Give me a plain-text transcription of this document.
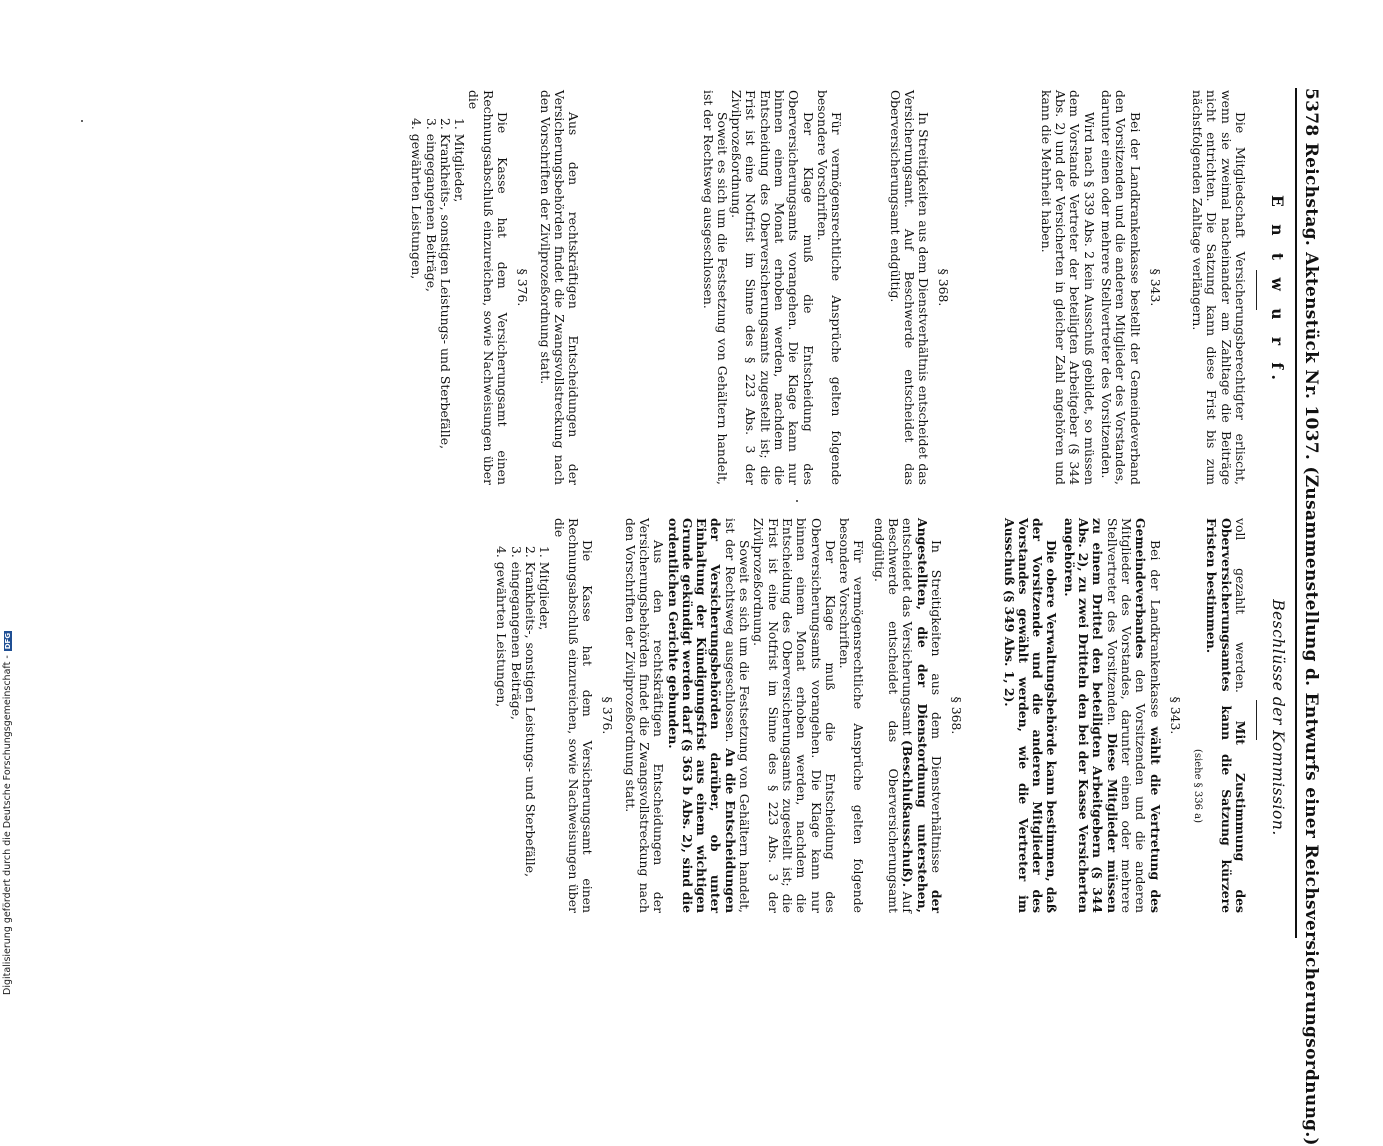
5378 Reichstag. Aktenstück Nr. 1037. (Zusammenstellung d. Entwurfs einer Reichsversicherungsordnung.)
E n t w u r f.
Beschlüsse der Kommission.

Die Mitgliedschaft Versicherungsberechtigter erlischt, wenn sie zweimal nacheinander am Zahltage die Beiträge nicht entrichten. Die Satzung kann diese Frist bis zum nächstfolgenden Zahltage verlängern.

§ 343.

Bei der Landkrankenkasse bestellt der Gemeindeverband den Vorsitzenden und die anderen Mitglieder des Vorstandes, darunter einen oder mehrere Stellvertreter des Vorsitzenden.

Wird nach § 339 Abs. 2 kein Ausschuß gebildet, so müssen dem Vorstande Vertreter der beteiligten Arbeitgeber (§ 344 Abs. 2) und der Versicherten in gleicher Zahl angehören und kann die Mehrheit haben.

§ 368.

In Streitigkeiten aus dem Dienstverhältnis entscheidet das Versicherungsamt. Auf Beschwerde entscheidet das Oberversicherungsamt endgültig.

Für vermögensrechtliche Ansprüche gelten folgende besondere Vorschriften.

Der Klage muß die Entscheidung des Oberversicherungsamts vorangehen. Die Klage kann nur binnen einem Monat erhoben werden, nachdem die Entscheidung des Oberversicherungsamts zugestellt ist; die Frist ist eine Notfrist im Sinne des § 223 Abs. 3 der Zivilprozeßordnung.

Soweit es sich um die Festsetzung von Gehältern handelt, ist der Rechtsweg ausgeschlossen.

Aus den rechtskräftigen Entscheidungen der Versicherungsbehörden findet die Zwangsvollstreckung nach den Vorschriften der Zivilprozeßordnung statt.

§ 376.

Die Kasse hat dem Versicherungsamt einen Rechnungsabschluß einzureichen, sowie Nachweisungen über die

1. Mitglieder,
2. Krankheits-, sonstigen Leistungs- und Sterbefälle,
3. eingegangenen Beiträge,
4. gewährten Leistungen,

voll gezahlt werden. Mit Zustimmung des Oberversicherungsamtes kann die Satzung kürzere Fristen bestimmen.

(siehe § 336 a)

§ 343.

Bei der Landkrankenkasse wählt die Vertretung des Gemeindeverbandes den Vorsitzenden und die anderen Mitglieder des Vorstandes, darunter einen oder mehrere Stellvertreter des Vorsitzenden. Diese Mitglieder müssen zu einem Drittel den beteiligten Arbeitgebern (§ 344 Abs. 2), zu zwei Dritteln den bei der Kasse Versicherten angehören.

Die obere Verwaltungsbehörde kann bestimmen, daß der Vorsitzende und die anderen Mitglieder des Vorstandes gewählt werden, wie die Vertreter im Ausschuß (§ 349 Abs. 1, 2).

§ 368.

In Streitigkeiten aus dem Dienstverhältnisse der Angestellten, die der Dienstordnung unterstehen, entscheidet das Versicherungsamt (Beschlußausschuß). Auf Beschwerde entscheidet das Oberversicherungsamt endgültig.

Für vermögensrechtliche Ansprüche gelten folgende besondere Vorschriften.

Der Klage muß die Entscheidung des Oberversicherungsamts vorangehen. Die Klage kann nur binnen einem Monat erhoben werden, nachdem die Entscheidung des Oberversicherungsamts zugestellt ist; die Frist ist eine Notfrist im Sinne des § 223 Abs. 3 der Zivilprozeßordnung.

Soweit es sich um die Festsetzung von Gehältern handelt, ist der Rechtsweg ausgeschlossen. An die Entscheidungen der Versicherungsbehörden darüber, ob unter Einhaltung der Kündigungsfrist aus einem wichtigen Grunde gekündigt werden darf (§ 363 b Abs. 2), sind die ordentlichen Gerichte gebunden.

Aus den rechtskräftigen Entscheidungen der Versicherungsbehörden findet die Zwangsvollstreckung nach den Vorschriften der Zivilprozeßordnung statt.

§ 376.

Die Kasse hat dem Versicherungsamt einen Rechnungsabschluß einzureichen, sowie Nachweisungen über die

1. Mitglieder,
2. Krankheits-, sonstigen Leistungs- und Sterbefälle,
3. eingegangenen Beiträge,
4. gewährten Leistungen,
Digitalisierung gefördert durch die Deutsche Forschungsgemeinschaft -
DFG
